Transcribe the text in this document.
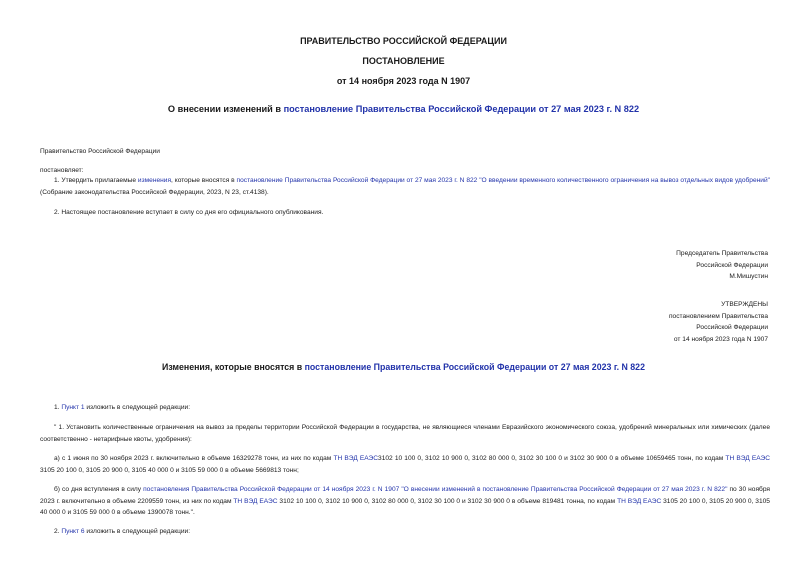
ПРАВИТЕЛЬСТВО РОССИЙСКОЙ ФЕДЕРАЦИИ
ПОСТАНОВЛЕНИЕ
от 14 ноября 2023 года N 1907
О внесении изменений в постановление Правительства Российской Федерации от 27 мая 2023 г. N 822
Правительство Российской Федерации
постановляет:
1. Утвердить прилагаемые изменения, которые вносятся в постановление Правительства Российской Федерации от 27 мая 2023 г. N 822 "О введении временного количественного ограничения на вывоз отдельных видов удобрений" (Собрание законодательства Российской Федерации, 2023, N 23, ст.4138).
2. Настоящее постановление вступает в силу со дня его официального опубликования.
Председатель Правительства
Российской Федерации
М.Мишустин
УТВЕРЖДЕНЫ
постановлением Правительства
Российской Федерации
от 14 ноября 2023 года N 1907
Изменения, которые вносятся в постановление Правительства Российской Федерации от 27 мая 2023 г. N 822
1. Пункт 1 изложить в следующей редакции:
" 1. Установить количественные ограничения на вывоз за пределы территории Российской Федерации в государства, не являющиеся членами Евразийского экономического союза, удобрений минеральных или химических (далее соответственно - нетарифные квоты, удобрения):
а) с 1 июня по 30 ноября 2023 г. включительно в объеме 16329278 тонн, из них по кодам ТН ВЭД ЕАЭС3102 10 100 0, 3102 10 900 0, 3102 80 000 0, 3102 30 100 0 и 3102 30 900 0 в объеме 10659465 тонн, по кодам ТН ВЭД ЕАЭС 3105 20 100 0, 3105 20 900 0, 3105 40 000 0 и 3105 59 000 0 в объеме 5669813 тонн;
б) со дня вступления в силу постановления Правительства Российской Федерации от 14 ноября 2023 г. N 1907 "О внесении изменений в постановление Правительства Российской Федерации от 27 мая 2023 г. N 822" по 30 ноября 2023 г. включительно в объеме 2209559 тонн, из них по кодам ТН ВЭД ЕАЭС 3102 10 100 0, 3102 10 900 0, 3102 80 000 0, 3102 30 100 0 и 3102 30 900 0 в объеме 819481 тонна, по кодам ТН ВЭД ЕАЭС 3105 20 100 0, 3105 20 900 0, 3105 40 000 0 и 3105 59 000 0 в объеме 1390078 тонн.".
2. Пункт 6 изложить в следующей редакции:
